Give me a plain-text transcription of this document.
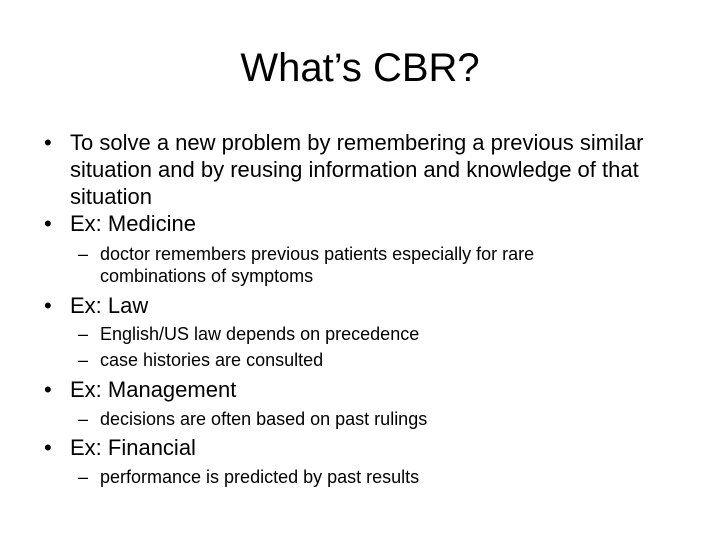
What’s CBR?
• To solve a new problem by remembering a previous similar situation and by reusing information and knowledge of that situation
• Ex: Medicine
– doctor remembers previous patients especially for rare combinations of symptoms
• Ex: Law
– English/US law depends on precedence
– case histories are consulted
• Ex: Management
– decisions are often based on past rulings
• Ex: Financial
– performance is predicted by past results
